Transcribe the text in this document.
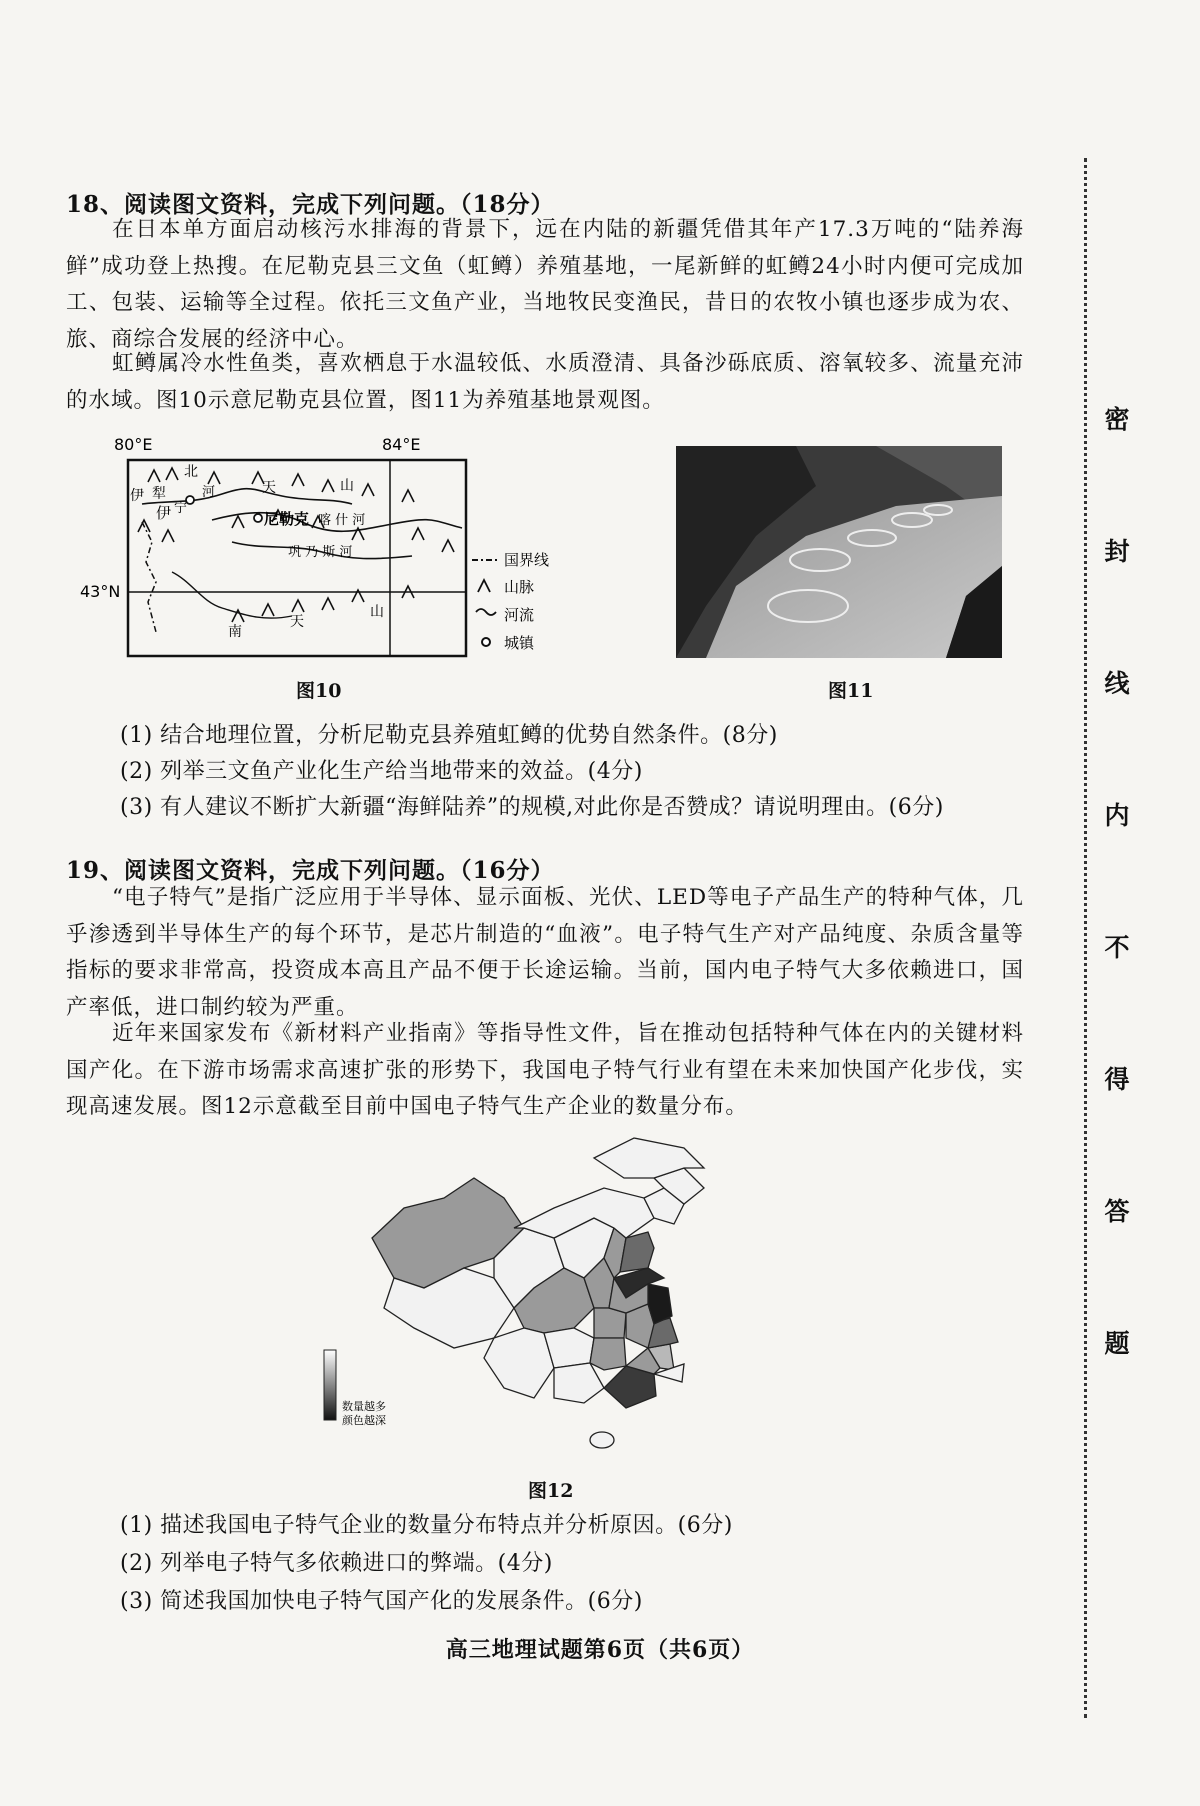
18、阅读图文资料，完成下列问题。（18分）
在日本单方面启动核污水排海的背景下，远在内陆的新疆凭借其年产17.3万吨的“陆养海鲜”成功登上热搜。在尼勒克县三文鱼（虹鳟）养殖基地，一尾新鲜的虹鳟24小时内便可完成加工、包装、运输等全过程。依托三文鱼产业，当地牧民变渔民，昔日的农牧小镇也逐步成为农、旅、商综合发展的经济中心。
虹鳟属冷水性鱼类，喜欢栖息于水温较低、水质澄清、具备沙砾底质、溶氧较多、流量充沛的水域。图10示意尼勒克县位置，图11为养殖基地景观图。
80°E	84°E
43°N
北
天
伊 犁	河
伊 宁
尼勒克 喀 什 河
巩 乃 斯 河
南
天
山
山
国界线
山脉
河流
城镇
图10	图11
(1) 结合地理位置，分析尼勒克县养殖虹鳟的优势自然条件。(8分)
(2) 列举三文鱼产业化生产给当地带来的效益。(4分)
(3) 有人建议不断扩大新疆“海鲜陆养”的规模,对此你是否赞成？请说明理由。(6分)
19、阅读图文资料，完成下列问题。（16分）
“电子特气”是指广泛应用于半导体、显示面板、光伏、LED等电子产品生产的特种气体，几乎渗透到半导体生产的每个环节，是芯片制造的“血液”。电子特气生产对产品纯度、杂质含量等指标的要求非常高，投资成本高且产品不便于长途运输。当前，国内电子特气大多依赖进口，国产率低，进口制约较为严重。
近年来国家发布《新材料产业指南》等指导性文件，旨在推动包括特种气体在内的关键材料国产化。在下游市场需求高速扩张的形势下，我国电子特气行业有望在未来加快国产化步伐，实现高速发展。图12示意截至目前中国电子特气生产企业的数量分布。
数量越多
颜色越深
图12
(1) 描述我国电子特气企业的数量分布特点并分析原因。(6分)
(2) 列举电子特气多依赖进口的弊端。(4分)
(3) 简述我国加快电子特气国产化的发展条件。(6分)
高三地理试题第6页（共6页）
密
封
线
内
不
得
答
题
